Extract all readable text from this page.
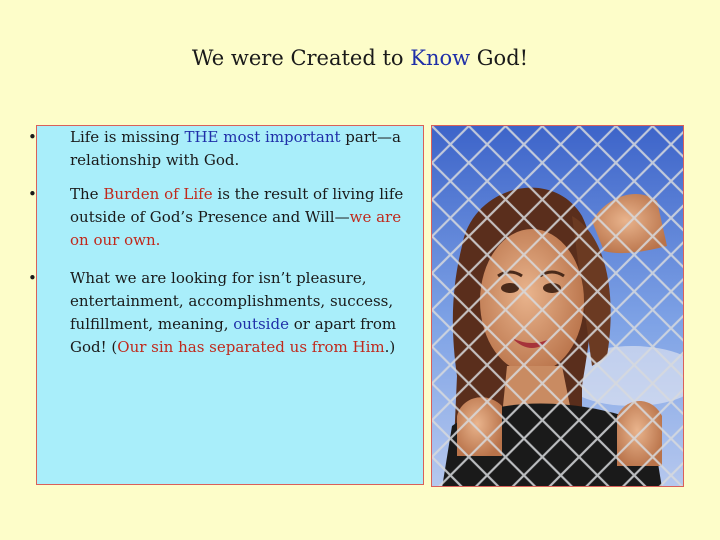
We were Created to Know God!
• Life is missing THE most important part—a relationship with God.
• The Burden of Life is the result of living life outside of God’s Presence and Will—we are on our own.
• What we are looking for isn’t pleasure, entertainment, accomplishments, success, fulfillment, meaning, outside or apart from God! (Our sin has separated us from Him.)
